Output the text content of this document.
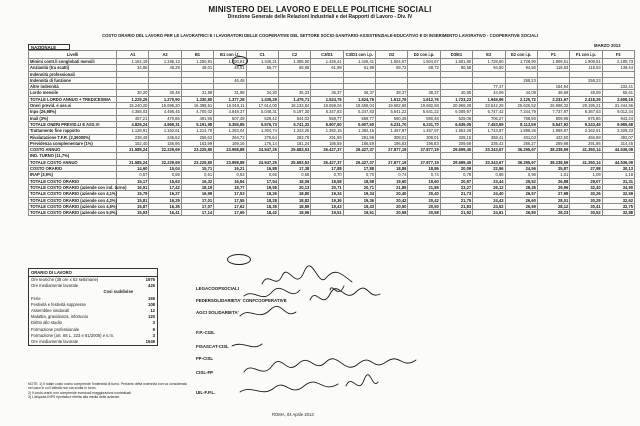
MINISTERO DEL LAVORO E DELLE POLITICHE SOCIALI
Direzione Generale delle Relazioni Industriali e dei Rapporti di Lavoro - Div. IV
COSTO ORARIO DEL LAVORO PER LE LAVORATRICI E I LAVORATORI DELLE COOPERATIVE DEL SETTORE SOCIO-SANITARIO-ASSISTENZIALE-EDUCATIVO E DI INSERIMENTO LAVORATIVO - COOPERATIVE SOCIALI
NAZIONALE	MARZO 2013
Livelli	A1	A2	B1	B1 con i.t.	C1	C2	C3/D1	C3/D1 con i.p.	D2	D2 con i.p.	D3/E1	E2	E2 con i.p.	F1	F1 con i.p.	F2
Minimi contr.li conglobati mensili	1.164,19	1.195,13	1.250,81	1.250,81	1.345,21	1.385,50	1.426,41	1.426,41	1.504,67	1.504,67	1.601,80	1.728,90	1.728,90	1.909,51	1.909,51	2.180,73
Anzianità (tra scatti)	34,86	45,29	48,01	48,01	55,77	58,88	61,98	61,98	69,72	69,72	80,58	94,50	94,50	118,53	118,53	139,44
Indennità professionali																
Indennità di funzione				46,48									258,23		258,23	
Altre indennità												77,47		154,94		232,41
Lordo mensile	30,20	30,48	31,98	31,98	34,30	35,33	36,37	36,37	38,37	38,37	40,85	44,09	44,09	48,69	48,69	55,61
TOTALE LORDO ANNUO + TREDICESIMA	1.229,25	1.270,90	1.330,80	1.377,28	1.435,28	1.479,71	1.524,76	1.524,76	1.612,76	1.612,76	1.723,23	1.945,96	2.125,72	2.231,67	2.418,25	2.608,19
Oneri previd. e ass.vi	15.240,20	15.695,20	16.398,51	16.916,11	17.614,00	18.133,84	18.659,04	18.659,04	19.682,68	19.682,68	20.969,28	23.542,28	25.626,52	26.998,32	29.195,21	31.444,66
Inps (26,98%)	4.368,03	4.498,45	4.700,02	4.848,37	5.048,31	5.197,30	5.347,83	5.347,83	5.641,22	5.641,22	6.009,97	6.747,42	7.344,79	7.737,97	8.367,63	9.012,34
Inail (3%)	457,21	470,86	491,96	507,48	528,42	544,02	559,77	559,77	590,48	590,48	629,08	706,27	768,80	809,95	875,86	943,34
TOTALE ONERI PREVID.LI E ASS.VI	4.825,24	4.969,31	5.191,98	5.355,85	5.576,73	5.741,32	5.907,60	5.907,60	6.231,70	6.231,70	6.639,05	7.453,69	8.113,59	8.547,92	9.243,49	9.955,68
Trattamento fine rapporto	1.128,91	1.162,61	1.214,70	1.253,04	1.304,74	1.343,25	1.382,15	1.382,15	1.457,97	1.457,97	1.553,28	1.743,87	1.898,26	1.999,87	2.162,61	2.329,23
Rivalutazione T.F.R. (2,36000%)	238,49	245,62	256,62	264,72	275,64	283,78	291,99	291,99	308,01	308,01	328,15	368,41	401,03	422,50	456,88	492,07
Previdenza complementare (1%)	152,40	156,95	163,99	169,16	176,14	181,34	186,59	186,59	196,83	196,83	209,69	235,42	256,27	269,98	291,95	314,45
COSTO ANNUO	21.585,24	22.229,69	23.225,80	23.958,88	24.947,25	25.683,53	26.427,37	26.427,37	27.877,19	27.877,19	29.699,45	33.343,67	36.295,67	38.238,59	41.350,14	44.536,09
IND. TURNO (11,7%)																
TOTALE COSTO ANNUO	21.585,24	22.229,69	23.225,80	23.958,88	24.947,25	25.683,53	26.427,37	26.427,37	27.877,19	27.877,19	29.699,45	33.343,67	36.295,67	38.238,59	41.350,14	44.536,09
COSTO ORARIO	14,60	15,04	15,71	16,21	16,88	17,38	17,88	17,88	18,86	18,86	20,09	22,56	24,56	25,87	27,98	30,13
IRAP (3,9%)	0,57	0,59	0,61	0,63	0,66	0,68	0,70	0,70	0,74	0,74	0,78	0,88	0,96	1,01	1,09	1,18
TOTALE COSTO ORARIO	15,17	15,63	16,32	16,84	17,54	18,06	18,58	18,58	19,60	19,60	20,87	23,44	25,52	26,88	29,07	31,31
TOTALE COSTO ORARIO (aziende con ind. turno)	16,91	17,42	18,19	18,77	19,55	20,13	20,71	20,71	21,85	21,85	23,27	26,12	28,45	29,96	32,40	34,90
TOTALE COSTO ORARIO (aziende con 4,1%)	15,79	16,27	16,99	17,53	18,26	18,80	19,34	19,34	20,40	20,40	21,73	24,40	26,57	27,98	30,26	32,59
TOTALE COSTO ORARIO (aziende con 4,2%)	15,81	16,29	17,01	17,55	18,28	18,82	19,36	19,36	20,42	20,42	21,75	24,43	26,60	28,01	30,29	32,62
TOTALE COSTO ORARIO (aziende con 4,6%)	15,87	16,35	17,07	17,62	18,35	18,89	19,43	19,43	20,50	20,50	21,83	24,52	26,69	28,12	30,41	32,75
TOTALE COSTO ORARIO (aziende con 5,0%)	15,93	16,41	17,14	17,69	18,42	18,96	19,51	19,51	20,58	20,58	21,92	24,61	26,80	28,23	30,52	32,88
ORARIO DI LAVORO
Ore teoriche (38 ore x 52 settimane)	1976
Ore mediamente lavorate	426
Cosi suddivise
Ferie	165
Festività e festività soppresse	108
Assemblee sindacali	12
Malattia, gravidanza, infortunio	120
Diritto allo studio	3
Formazione professionale	9
Formazione (art. 68 L. 223 e 81/2008) e s.m.	3
Ore mediamente lavorate	1548
NOTE: 1) Il totale costo orario comprende l'indennità di turno. Pertanto detta indennità non va considerata nel caso in cui l'attività non sia svolta in turno.
2) Il costo orario non comprende eventuali maggiorazioni contrattuali.
3) L'aliquota INPS riportata è riferita alla media delle aziende.
LEGACOOPSOCIALI
FEDERSOLIDARIETA' CONFCOOPERATIVE
AGCI SOLIDARIETA'
F.P.-CGIL
FISASCAT-CISL
FP-CISL
CISL-FP
UIL-F.P.L.
ROMA, 04 Aprile 2013
